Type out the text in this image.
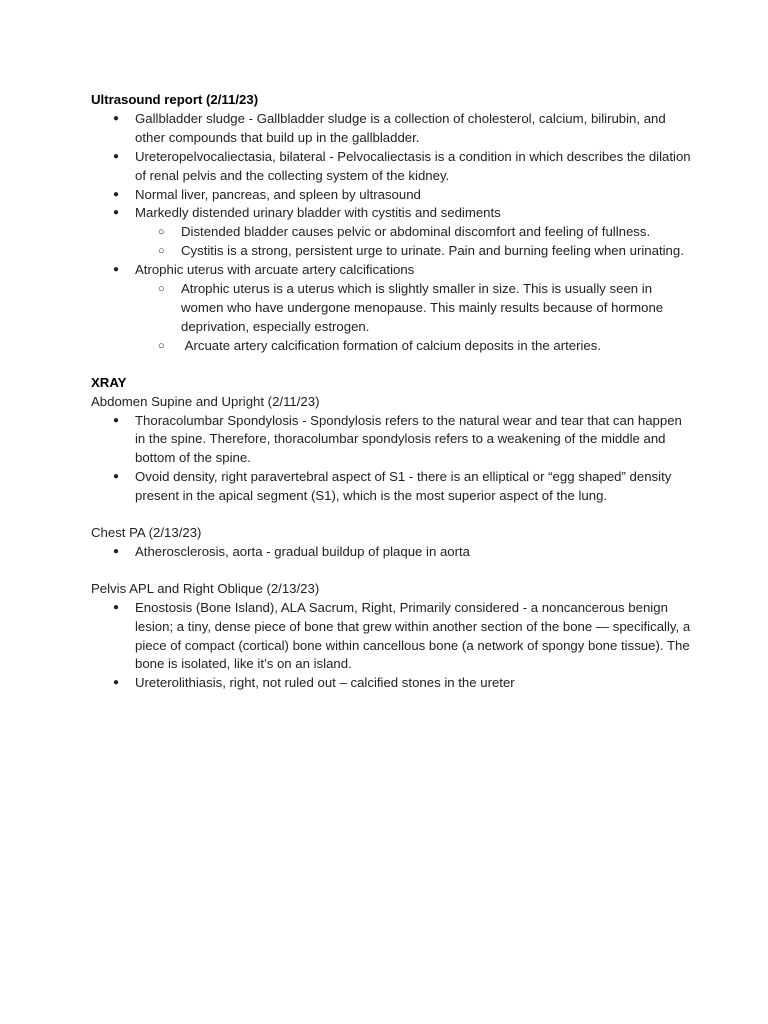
Ultrasound report (2/11/23)

● Gallbladder sludge - Gallbladder sludge is a collection of cholesterol, calcium, bilirubin, and other compounds that build up in the gallbladder.
● Ureteropelvocaliectasia, bilateral - Pelvocaliectasis is a condition in which describes the dilation of renal pelvis and the collecting system of the kidney.
● Normal liver, pancreas, and spleen by ultrasound
● Markedly distended urinary bladder with cystitis and sediments
○ Distended bladder causes pelvic or abdominal discomfort and feeling of fullness.
○ Cystitis is a strong, persistent urge to urinate. Pain and burning feeling when urinating.
● Atrophic uterus with arcuate artery calcifications
○ Atrophic uterus is a uterus which is slightly smaller in size. This is usually seen in women who have undergone menopause. This mainly results because of hormone deprivation, especially estrogen.
○ Arcuate artery calcification formation of calcium deposits in the arteries.

XRAY

Abdomen Supine and Upright (2/11/23)

● Thoracolumbar Spondylosis - Spondylosis refers to the natural wear and tear that can happen in the spine. Therefore, thoracolumbar spondylosis refers to a weakening of the middle and bottom of the spine.
● Ovoid density, right paravertebral aspect of S1 - there is an elliptical or “egg shaped” density present in the apical segment (S1), which is the most superior aspect of the lung.

Chest PA (2/13/23)

● Atherosclerosis, aorta - gradual buildup of plaque in aorta

Pelvis APL and Right Oblique (2/13/23)

● Enostosis (Bone Island), ALA Sacrum, Right, Primarily considered - a noncancerous benign lesion; a tiny, dense piece of bone that grew within another section of the bone — specifically, a piece of compact (cortical) bone within cancellous bone (a network of spongy bone tissue). The bone is isolated, like it’s on an island.
● Ureterolithiasis, right, not ruled out – calcified stones in the ureter
